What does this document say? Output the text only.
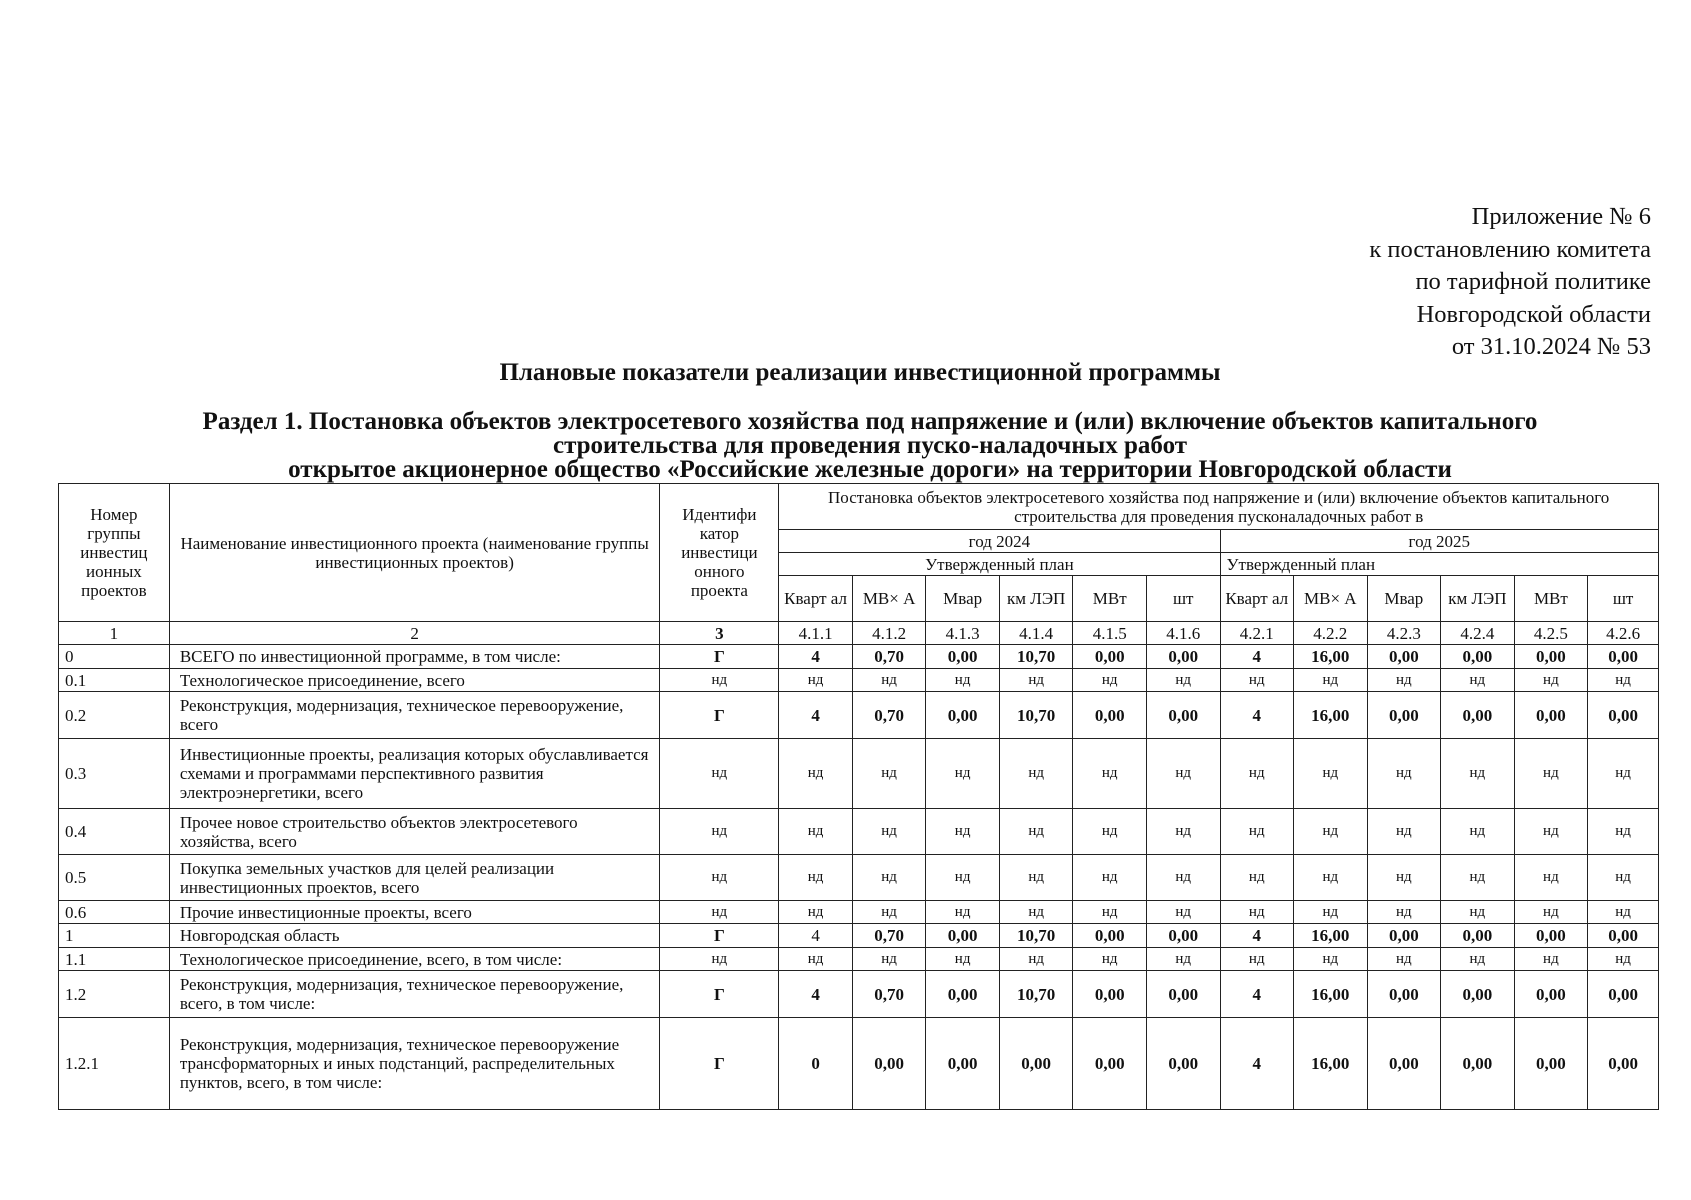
Приложение № 6
к постановлению комитета
по тарифной политике
Новгородской области
от 31.10.2024 № 53
Плановые показатели реализации инвестиционной программы
Раздел 1. Постановка объектов электросетевого хозяйства под напряжение и (или) включение объектов капитального
строительства для проведения пуско-наладочных работ
открытое акционерное общество «Российские железные дороги» на территории Новгородской области
Номер группы инвестиц ионных проектов	Наименование инвестиционного проекта (наименование группы инвестиционных проектов)	Идентифи катор инвестици онного проекта	Постановка объектов электросетевого хозяйства под напряжение и (или) включение объектов капитального строительства для проведения пусконаладочных работ в											
			год 2024						год 2025					
			Утвержденный план						Утвержденный план					
			Кварт ал	МВ× А	Мвар	км ЛЭП	МВт	шт	Кварт ал	МВ× А	Мвар	км ЛЭП	МВт	шт
1	2	3	4.1.1	4.1.2	4.1.3	4.1.4	4.1.5	4.1.6	4.2.1	4.2.2	4.2.3	4.2.4	4.2.5	4.2.6
0	ВСЕГО по инвестиционной программе, в том числе:	Г	4	0,70	0,00	10,70	0,00	0,00	4	16,00	0,00	0,00	0,00	0,00
0.1	Технологическое присоединение, всего	нд	нд	нд	нд	нд	нд	нд	нд	нд	нд	нд	нд	нд
0.2	Реконструкция, модернизация, техническое перевооружение, всего	Г	4	0,70	0,00	10,70	0,00	0,00	4	16,00	0,00	0,00	0,00	0,00
0.3	Инвестиционные проекты, реализация которых обуславливается схемами и программами перспективного развития электроэнергетики, всего	нд	нд	нд	нд	нд	нд	нд	нд	нд	нд	нд	нд	нд
0.4	Прочее новое строительство объектов электросетевого хозяйства, всего	нд	нд	нд	нд	нд	нд	нд	нд	нд	нд	нд	нд	нд
0.5	Покупка земельных участков для целей реализации инвестиционных проектов, всего	нд	нд	нд	нд	нд	нд	нд	нд	нд	нд	нд	нд	нд
0.6	Прочие инвестиционные проекты, всего	нд	нд	нд	нд	нд	нд	нд	нд	нд	нд	нд	нд	нд
1	Новгородская область	Г	4	0,70	0,00	10,70	0,00	0,00	4	16,00	0,00	0,00	0,00	0,00
1.1	Технологическое присоединение, всего, в том числе:	нд	нд	нд	нд	нд	нд	нд	нд	нд	нд	нд	нд	нд
1.2	Реконструкция, модернизация, техническое перевооружение, всего, в том числе:	Г	4	0,70	0,00	10,70	0,00	0,00	4	16,00	0,00	0,00	0,00	0,00
1.2.1	Реконструкция, модернизация, техническое перевооружение трансформаторных и иных подстанций, распределительных пунктов, всего, в том числе:	Г	0	0,00	0,00	0,00	0,00	0,00	4	16,00	0,00	0,00	0,00	0,00
